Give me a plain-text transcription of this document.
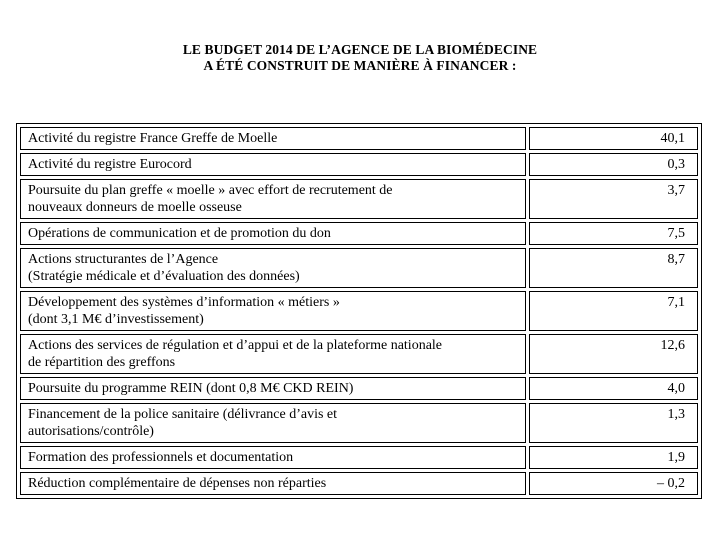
LE BUDGET 2014 DE L’AGENCE DE LA BIOMÉDECINE
A ÉTÉ CONSTRUIT DE MANIÈRE À FINANCER :
Activité du registre France Greffe de Moelle	40,1

Activité du registre Eurocord	0,3

Poursuite du plan greffe « moelle » avec effort de recrutement de
nouveaux donneurs de moelle osseuse	3,7

Opérations de communication et de promotion du don	7,5

Actions structurantes de l’Agence
(Stratégie médicale et d’évaluation des données)	8,7

Développement des systèmes d’information « métiers »
(dont 3,1 M€ d’investissement)	7,1

Actions des services de régulation et d’appui et de la plateforme nationale
de répartition des greffons	12,6

Poursuite du programme REIN (dont 0,8 M€ CKD REIN)	4,0

Financement de la police sanitaire (délivrance d’avis et
autorisations/contrôle)	1,3

Formation des professionnels et documentation	1,9

Réduction complémentaire de dépenses non réparties	– 0,2
